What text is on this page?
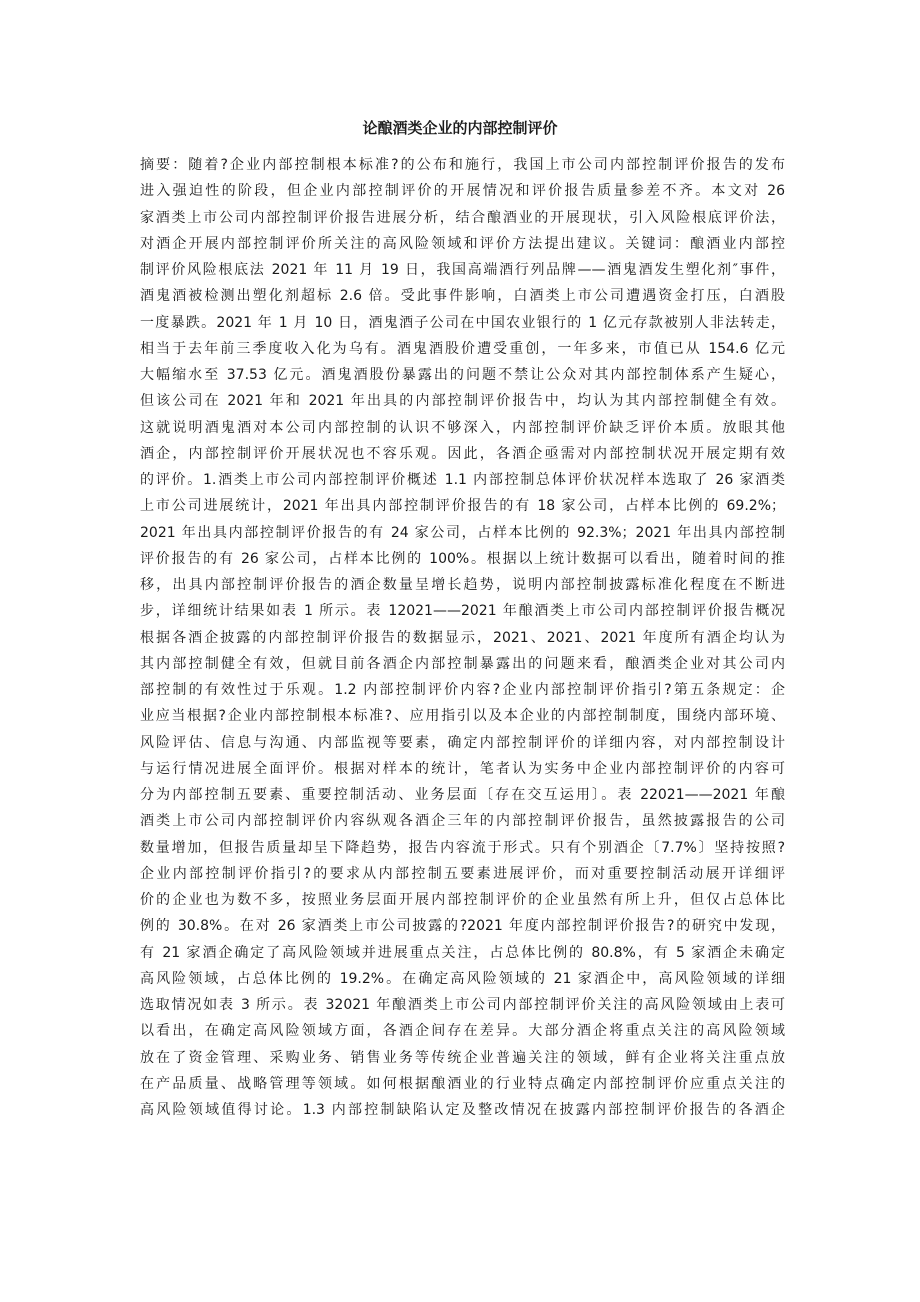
论酿酒类企业的内部控制评价
摘要：随着?企业内部控制根本标准?的公布和施行，我国上市公司内部控制评价报告的发布
进入强迫性的阶段，但企业内部控制评价的开展情况和评价报告质量参差不齐。本文对 26
家酒类上市公司内部控制评价报告进展分析，结合酿酒业的开展现状，引入风险根底评价法，
对酒企开展内部控制评价所关注的高风险领域和评价方法提出建议。关键词：酿酒业内部控
制评价风险根底法 2021 年 11 月 19 日，我国高端酒行列品牌——酒鬼酒发生塑化剂″事件，
酒鬼酒被检测出塑化剂超标 2.6 倍。受此事件影响，白酒类上市公司遭遇资金打压，白酒股
一度暴跌。2021 年 1 月 10 日，酒鬼酒子公司在中国农业银行的 1 亿元存款被别人非法转走，
相当于去年前三季度收入化为乌有。酒鬼酒股价遭受重创，一年多来，市值已从 154.6 亿元
大幅缩水至 37.53 亿元。酒鬼酒股份暴露出的问题不禁让公众对其内部控制体系产生疑心，
但该公司在 2021 年和 2021 年出具的内部控制评价报告中，均认为其内部控制健全有效。
这就说明酒鬼酒对本公司内部控制的认识不够深入，内部控制评价缺乏评价本质。放眼其他
酒企，内部控制评价开展状况也不容乐观。因此，各酒企亟需对内部控制状况开展定期有效
的评价。1.酒类上市公司内部控制评价概述 1.1 内部控制总体评价状况样本选取了 26 家酒类
上市公司进展统计，2021 年出具内部控制评价报告的有 18 家公司，占样本比例的 69.2%；
2021 年出具内部控制评价报告的有 24 家公司，占样本比例的 92.3%；2021 年出具内部控制
评价报告的有 26 家公司，占样本比例的 100%。根据以上统计数据可以看出，随着时间的推
移，出具内部控制评价报告的酒企数量呈增长趋势，说明内部控制披露标准化程度在不断进
步，详细统计结果如表 1 所示。表 12021——2021 年酿酒类上市公司内部控制评价报告概况
根据各酒企披露的内部控制评价报告的数据显示，2021、2021、2021 年度所有酒企均认为
其内部控制健全有效，但就目前各酒企内部控制暴露出的问题来看，酿酒类企业对其公司内
部控制的有效性过于乐观。1.2 内部控制评价内容?企业内部控制评价指引?第五条规定：企
业应当根据?企业内部控制根本标准?、应用指引以及本企业的内部控制制度，围绕内部环境、
风险评估、信息与沟通、内部监视等要素，确定内部控制评价的详细内容，对内部控制设计
与运行情况进展全面评价。根据对样本的统计，笔者认为实务中企业内部控制评价的内容可
分为内部控制五要素、重要控制活动、业务层面〔存在交互运用〕。表 22021——2021 年酿
酒类上市公司内部控制评价内容纵观各酒企三年的内部控制评价报告，虽然披露报告的公司
数量增加，但报告质量却呈下降趋势，报告内容流于形式。只有个别酒企〔7.7%〕坚持按照?
企业内部控制评价指引?的要求从内部控制五要素进展评价，而对重要控制活动展开详细评
价的企业也为数不多，按照业务层面开展内部控制评价的企业虽然有所上升，但仅占总体比
例的 30.8%。在对 26 家酒类上市公司披露的?2021 年度内部控制评价报告?的研究中发现，
有 21 家酒企确定了高风险领域并进展重点关注，占总体比例的 80.8%，有 5 家酒企未确定
高风险领域，占总体比例的 19.2%。在确定高风险领域的 21 家酒企中，高风险领域的详细
选取情况如表 3 所示。表 32021 年酿酒类上市公司内部控制评价关注的高风险领域由上表可
以看出，在确定高风险领域方面，各酒企间存在差异。大部分酒企将重点关注的高风险领域
放在了资金管理、采购业务、销售业务等传统企业普遍关注的领域，鲜有企业将关注重点放
在产品质量、战略管理等领域。如何根据酿酒业的行业特点确定内部控制评价应重点关注的
高风险领域值得讨论。1.3 内部控制缺陷认定及整改情况在披露内部控制评价报告的各酒企
